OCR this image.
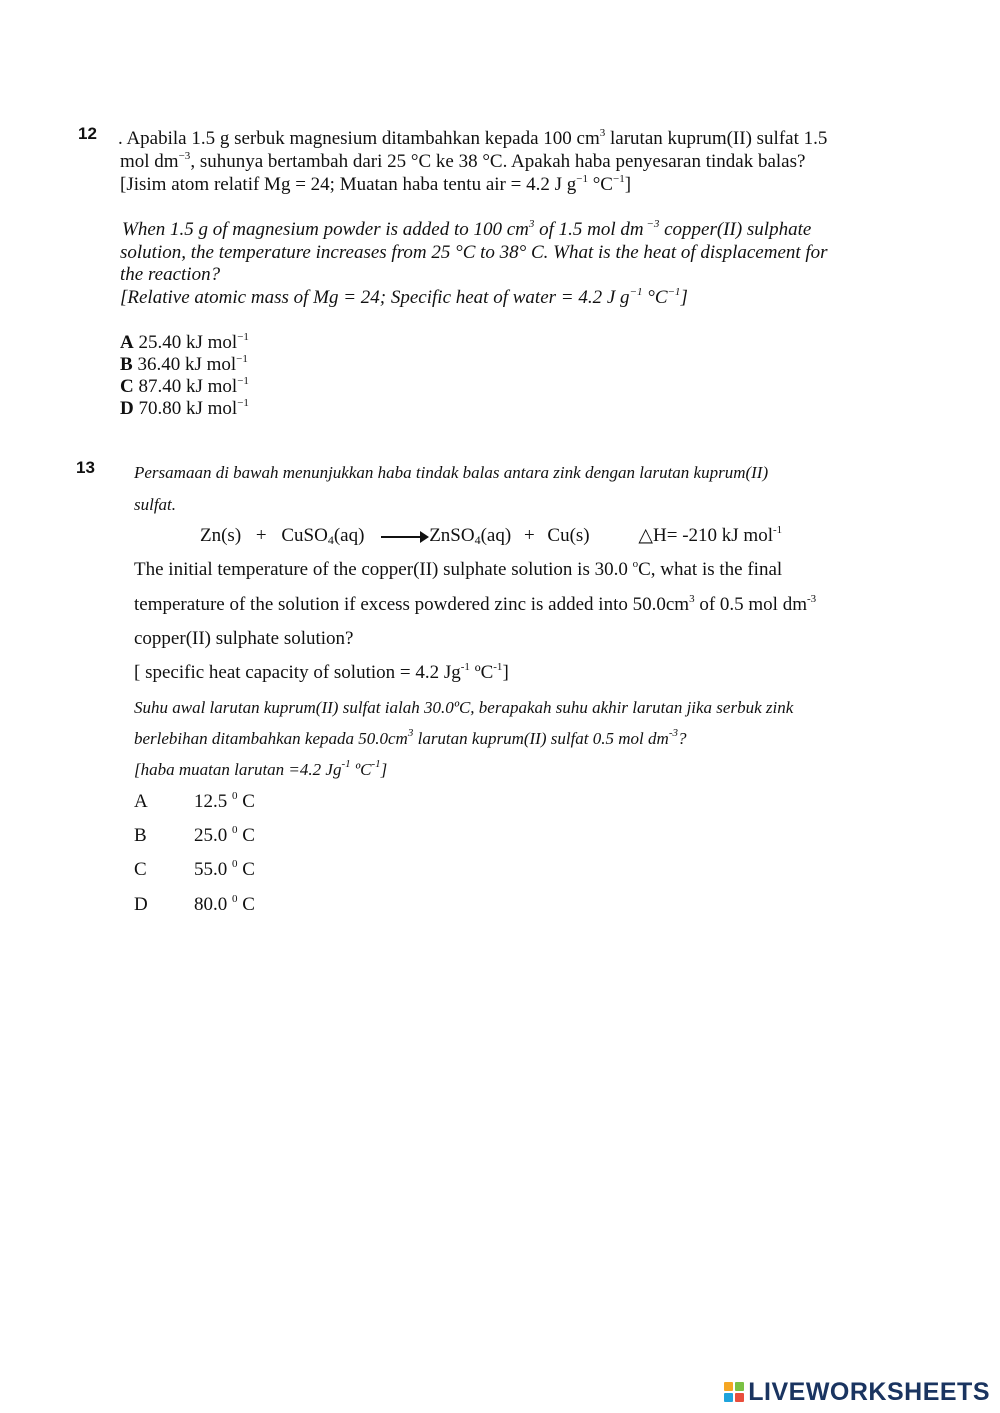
12 . Apabila 1.5 g serbuk magnesium ditambahkan kepada 100 $cm^3$ larutan kuprum(II) sulfat 1.5
mol $dm^{-3}$, suhunya bertambah dari 25 °C ke 38 °C. Apakah haba penyesaran tindak balas?
[Jisim atom relatif Mg = 24; Muatan haba tentu air = 4.2 J $g^{-1}$ $^\circ C^{-1}$]
When 1.5 g of magnesium powder is added to 100 $cm^3$ of 1.5 mol dm $^{-3}$ copper(II) sulphate
solution, the temperature increases from 25 °C to 38° C. What is the heat of displacement for
the reaction?
[Relative atomic mass of Mg = 24; Specific heat of water = 4.2 J $g^{-1}$ $^\circ C^{-1}$]
A 25.40 kJ mol$^{-1}$
B 36.40 kJ mol$^{-1}$
C 87.40 kJ mol$^{-1}$
D 70.80 kJ mol$^{-1}$
13 Persamaan di bawah menunjukkan haba tindak balas antara zink dengan larutan kuprum(II)
sulfat.
Zn(s) + CuSO$_4$(aq) → ZnSO$_4$(aq) + Cu(s)	△H= -210 kJ mol$^{-1}$
The initial temperature of the copper(II) sulphate solution is 30.0 $^o$C, what is the final
temperature of the solution if excess powdered zinc is added into $50.0cm^3$ of 0.5 mol $dm^{-3}$
copper(II) sulphate solution?
[ specific heat capacity of solution = 4.2 $Jg^{-1}$ ºC$^{-1}$]
Suhu awal larutan kuprum(II) sulfat ialah 30.0ºC, berapakah suhu akhir larutan jika serbuk zink
berlebihan ditambahkan kepada $50.0cm^3$ larutan kuprum(II) sulfat 0.5 mol $dm^{-3}$?
[haba muatan larutan =4.2 $Jg^{-1}$ ºC$^{-1}$]
A 12.5 $^0$ C
B 25.0 $^0$ C
C 55.0 $^0$ C
D 80.0 $^0$ C
LIVEWORKSHEETS
